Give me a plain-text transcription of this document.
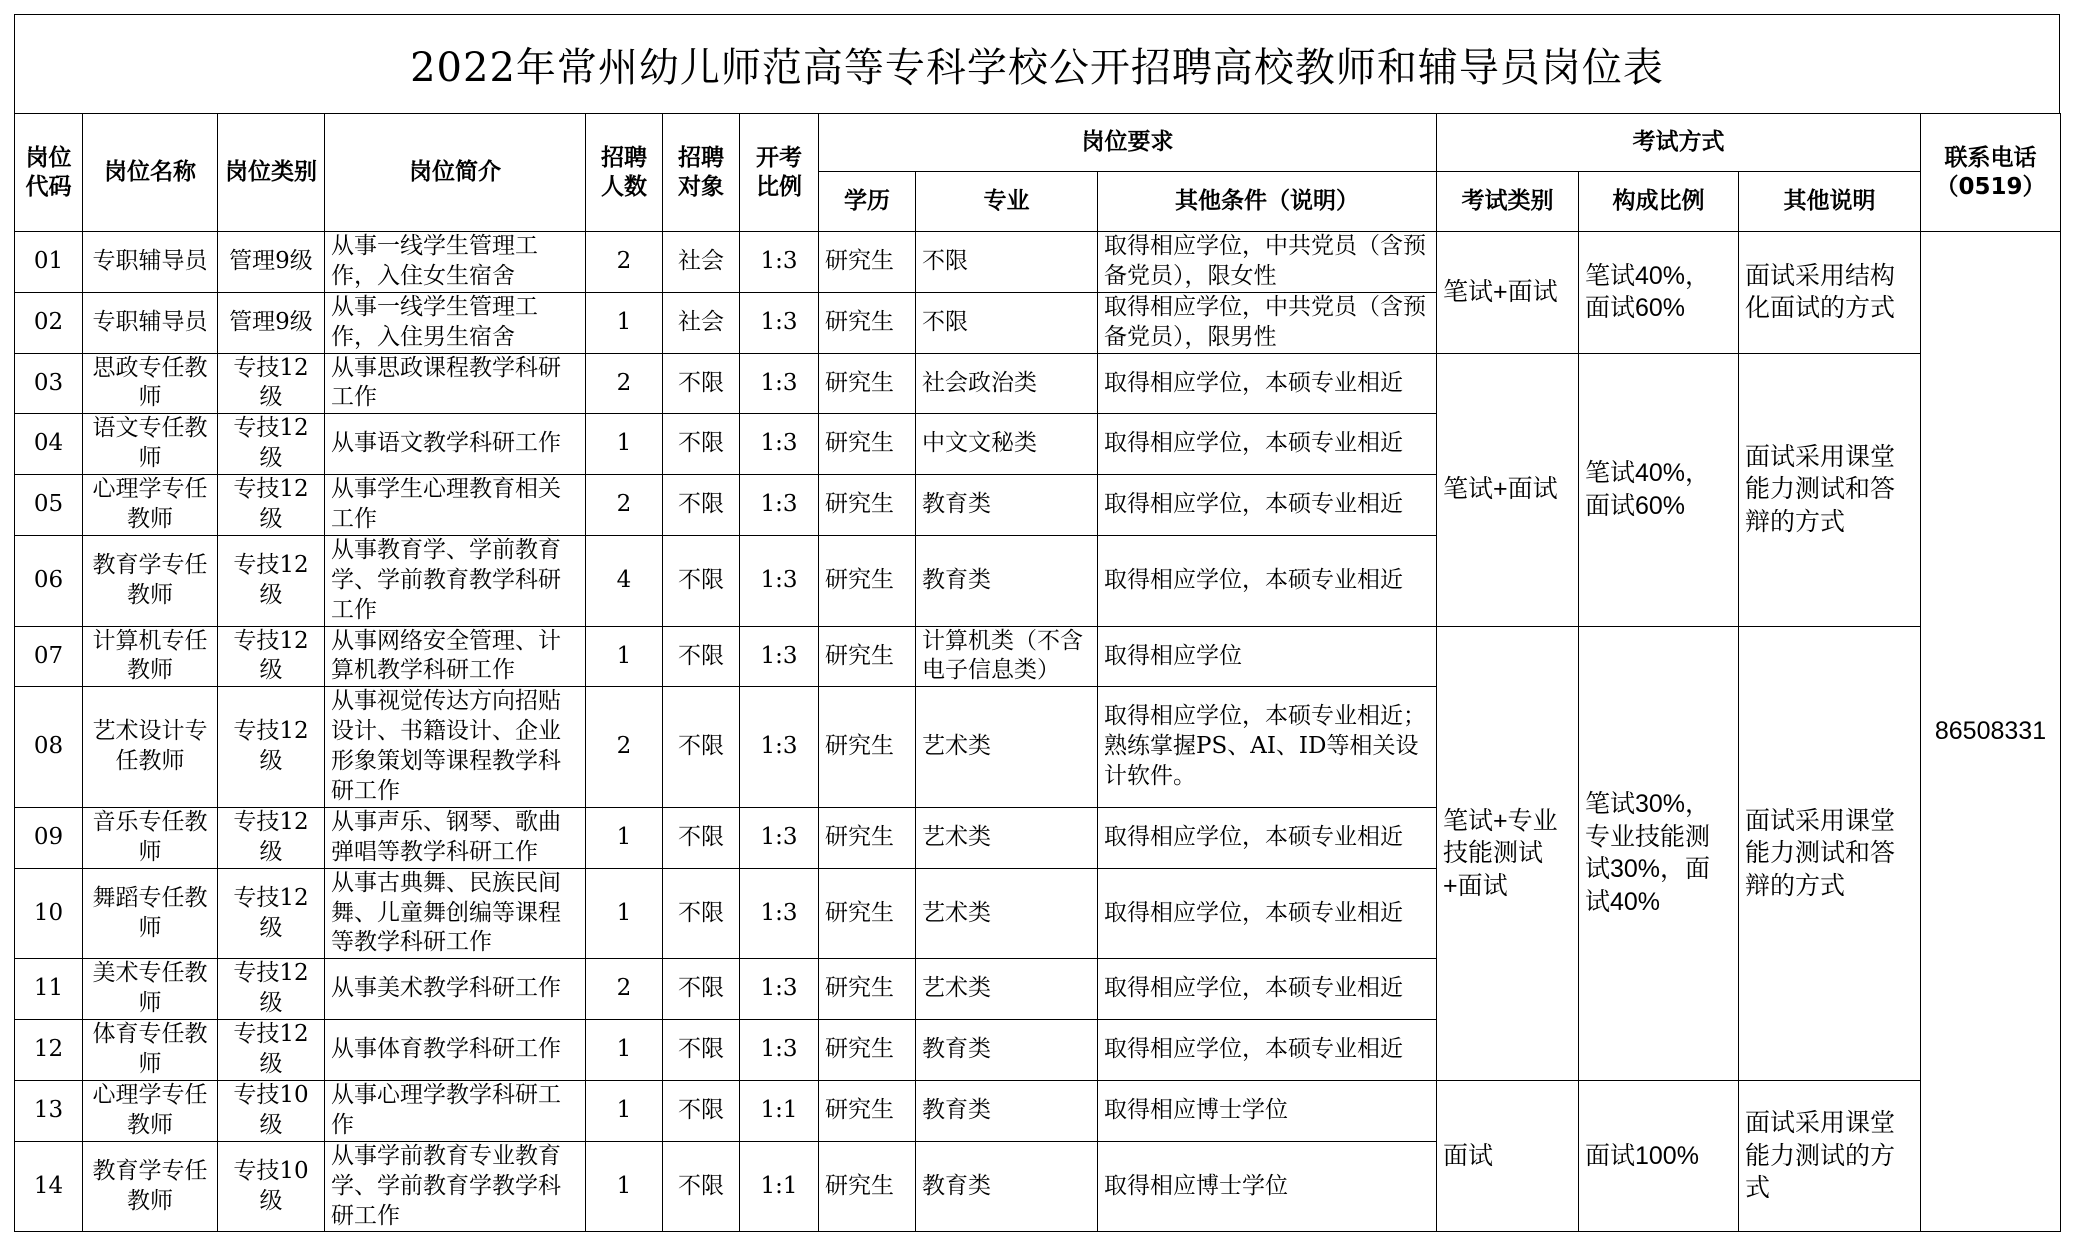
2022年常州幼儿师范高等专科学校公开招聘高校教师和辅导员岗位表
岗位代码	岗位名称	岗位类别	岗位简介	招聘人数	招聘对象	开考比例	岗位要求			考试方式			联系电话
（0519）
							学历	专业	其他条件（说明）	考试类别	构成比例	其他说明	
01	专职辅导员	管理9级	从事一线学生管理工作，入住女生宿舍	2	社会	1:3	研究生	不限	取得相应学位，中共党员（含预备党员），限女性	笔试+面试	笔试40%，面试60%	面试采用结构化面试的方式	86508331
02	专职辅导员	管理9级	从事一线学生管理工作，入住男生宿舍	1	社会	1:3	研究生	不限	取得相应学位，中共党员（含预备党员），限男性				
03	思政专任教师	专技12级	从事思政课程教学科研工作	2	不限	1:3	研究生	社会政治类	取得相应学位，本硕专业相近	笔试+面试	笔试40%，面试60%	面试采用课堂能力测试和答辩的方式	
04	语文专任教师	专技12级	从事语文教学科研工作	1	不限	1:3	研究生	中文文秘类	取得相应学位，本硕专业相近				
05	心理学专任教师	专技12级	从事学生心理教育相关工作	2	不限	1:3	研究生	教育类	取得相应学位，本硕专业相近				
06	教育学专任教师	专技12级	从事教育学、学前教育学、学前教育教学科研工作	4	不限	1:3	研究生	教育类	取得相应学位，本硕专业相近				
07	计算机专任教师	专技12级	从事网络安全管理、计算机教学科研工作	1	不限	1:3	研究生	计算机类（不含电子信息类）	取得相应学位	笔试+专业技能测试+面试	笔试30%，专业技能测试30%，面试40%	面试采用课堂能力测试和答辩的方式	
08	艺术设计专任教师	专技12级	从事视觉传达方向招贴设计、书籍设计、企业形象策划等课程教学科研工作	2	不限	1:3	研究生	艺术类	取得相应学位，本硕专业相近；熟练掌握PS、AI、ID等相关设计软件。				
09	音乐专任教师	专技12级	从事声乐、钢琴、歌曲弹唱等教学科研工作	1	不限	1:3	研究生	艺术类	取得相应学位，本硕专业相近				
10	舞蹈专任教师	专技12级	从事古典舞、民族民间舞、儿童舞创编等课程等教学科研工作	1	不限	1:3	研究生	艺术类	取得相应学位，本硕专业相近				
11	美术专任教师	专技12级	从事美术教学科研工作	2	不限	1:3	研究生	艺术类	取得相应学位，本硕专业相近				
12	体育专任教师	专技12级	从事体育教学科研工作	1	不限	1:3	研究生	教育类	取得相应学位，本硕专业相近				
13	心理学专任教师	专技10级	从事心理学教学科研工作	1	不限	1:1	研究生	教育类	取得相应博士学位	面试	面试100%	面试采用课堂能力测试的方式	
14	教育学专任教师	专技10级	从事学前教育专业教育学、学前教育学教学科研工作	1	不限	1:1	研究生	教育类	取得相应博士学位				
